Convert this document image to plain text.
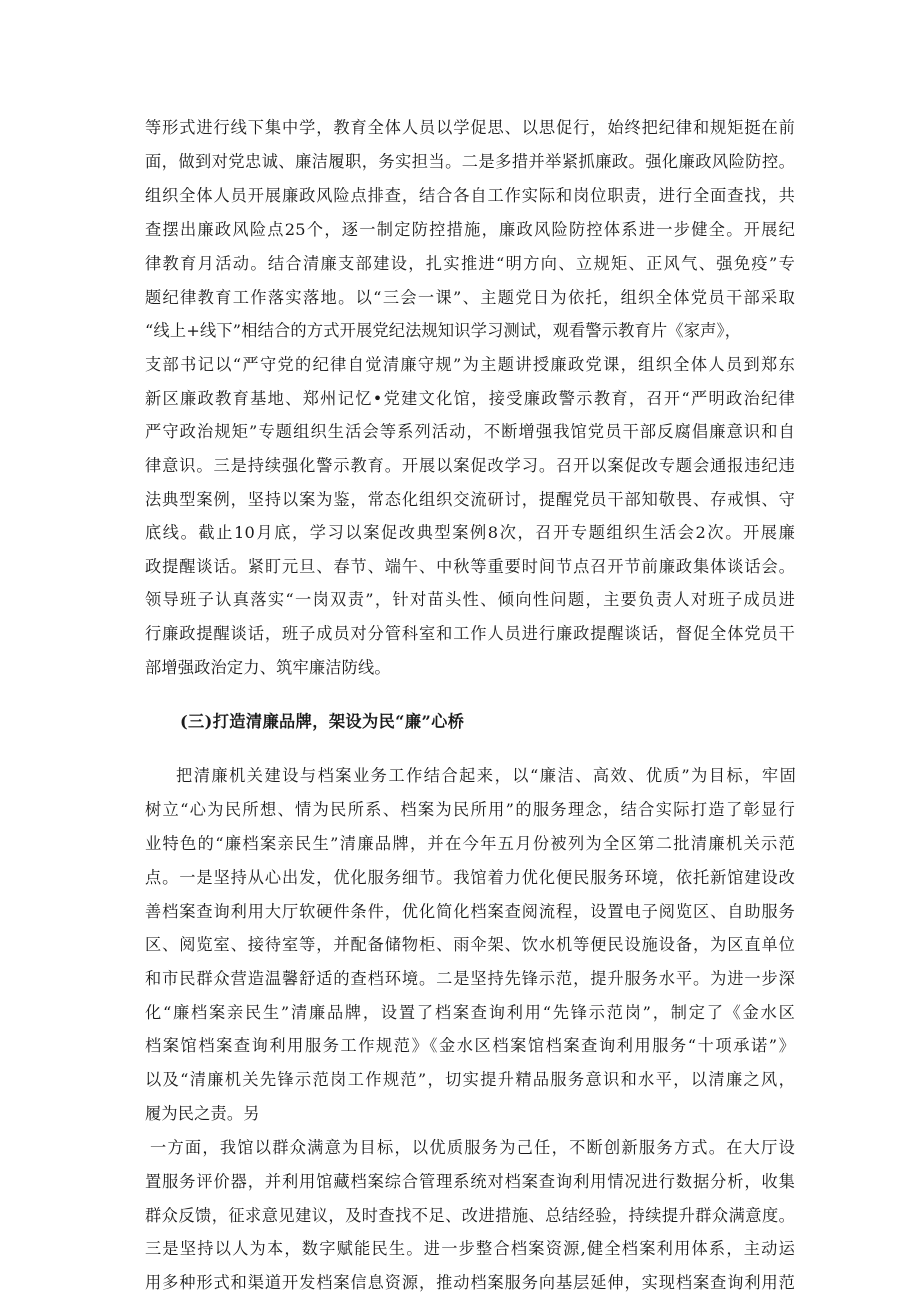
等形式进行线下集中学，教育全体人员以学促思、以思促行，始终把纪律和规矩挺在前
面，做到对党忠诚、廉洁履职，务实担当。二是多措并举紧抓廉政。强化廉政风险防控。
组织全体人员开展廉政风险点排查，结合各自工作实际和岗位职责，进行全面查找，共
查摆出廉政风险点25个，逐一制定防控措施，廉政风险防控体系进一步健全。开展纪
律教育月活动。结合清廉支部建设，扎实推进“明方向、立规矩、正风气、强免疫”专
题纪律教育工作落实落地。以“三会一课”、主题党日为依托，组织全体党员干部采取
“线上+线下”相结合的方式开展党纪法规知识学习测试，观看警示教育片《家声》，
支部书记以“严守党的纪律自觉清廉守规”为主题讲授廉政党课，组织全体人员到郑东
新区廉政教育基地、郑州记忆•党建文化馆，接受廉政警示教育，召开“严明政治纪律
严守政治规矩”专题组织生活会等系列活动，不断增强我馆党员干部反腐倡廉意识和自
律意识。三是持续强化警示教育。开展以案促改学习。召开以案促改专题会通报违纪违
法典型案例，坚持以案为鉴，常态化组织交流研讨，提醒党员干部知敬畏、存戒惧、守
底线。截止10月底，学习以案促改典型案例8次，召开专题组织生活会2次。开展廉
政提醒谈话。紧盯元旦、春节、端午、中秋等重要时间节点召开节前廉政集体谈话会。
领导班子认真落实“一岗双责”，针对苗头性、倾向性问题，主要负责人对班子成员进
行廉政提醒谈话，班子成员对分管科室和工作人员进行廉政提醒谈话，督促全体党员干
部增强政治定力、筑牢廉洁防线。
(三)打造清廉品牌，架设为民“廉”心桥
把清廉机关建设与档案业务工作结合起来，以“廉洁、高效、优质”为目标，牢固
树立“心为民所想、情为民所系、档案为民所用”的服务理念，结合实际打造了彰显行
业特色的“廉档案亲民生”清廉品牌，并在今年五月份被列为全区第二批清廉机关示范
点。一是坚持从心出发，优化服务细节。我馆着力优化便民服务环境，依托新馆建设改
善档案查询利用大厅软硬件条件，优化简化档案查阅流程，设置电子阅览区、自助服务
区、阅览室、接待室等，并配备储物柜、雨伞架、饮水机等便民设施设备，为区直单位
和市民群众营造温馨舒适的查档环境。二是坚持先锋示范，提升服务水平。为进一步深
化“廉档案亲民生”清廉品牌，设置了档案查询利用“先锋示范岗”，制定了《金水区
档案馆档案查询利用服务工作规范》《金水区档案馆档案查询利用服务“十项承诺”》
以及“清廉机关先锋示范岗工作规范”，切实提升精品服务意识和水平，以清廉之风，
履为民之责。另
一方面，我馆以群众满意为目标，以优质服务为己任，不断创新服务方式。在大厅设
置服务评价器，并利用馆藏档案综合管理系统对档案查询利用情况进行数据分析，收集
群众反馈，征求意见建议，及时查找不足、改进措施、总结经验，持续提升群众满意度。
三是坚持以人为本，数字赋能民生。进一步整合档案资源,健全档案利用体系，主动运
用多种形式和渠道开发档案信息资源，推动档案服务向基层延伸，实现档案查询利用范
